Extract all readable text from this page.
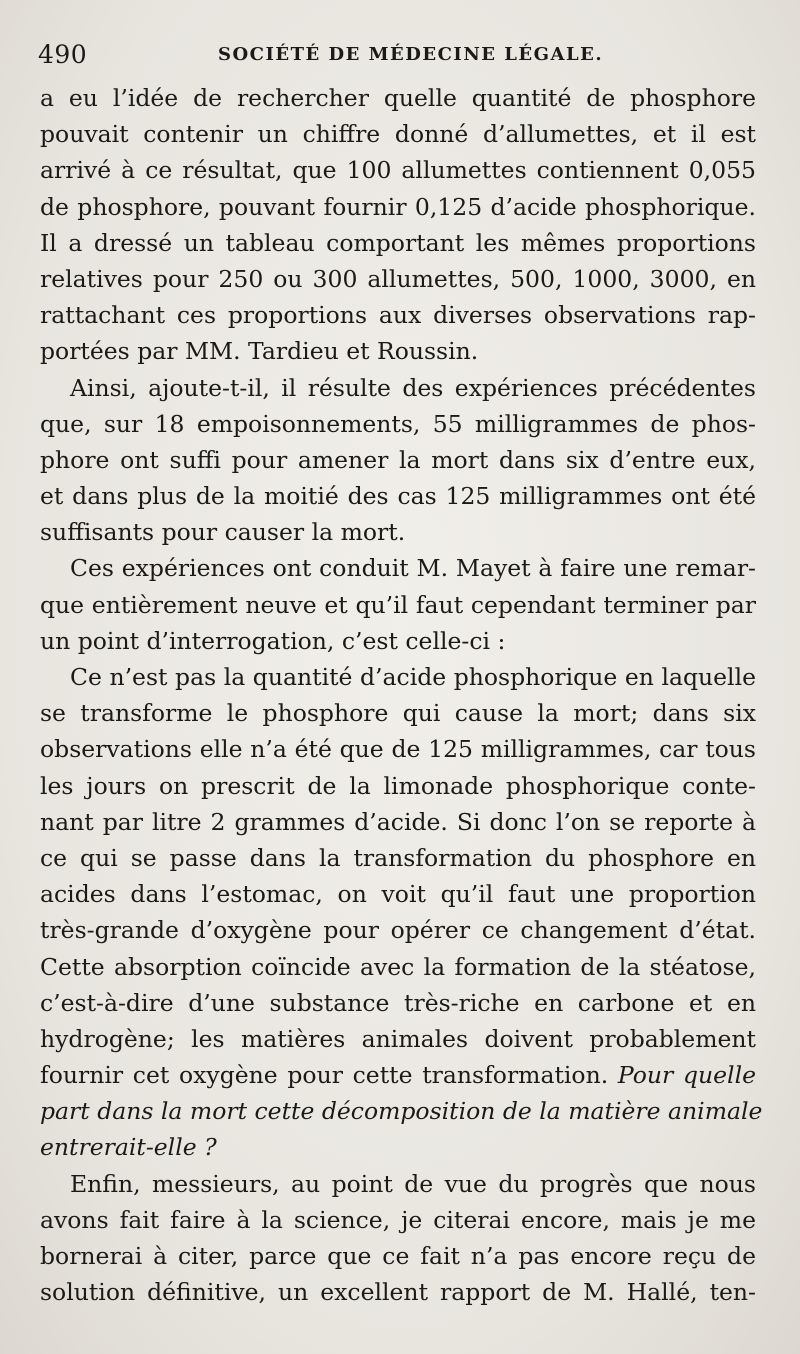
490	SOCIÉTÉ DE MÉDECINE LÉGALE.
a eu l’idée de rechercher quelle quantité de phosphore
pouvait contenir un chiffre donné d’allumettes, et il est
arrivé à ce résultat, que 100 allumettes contiennent 0,055
de phosphore, pouvant fournir 0,125 d’acide phosphorique.
Il a dressé un tableau comportant les mêmes proportions
relatives pour 250 ou 300 allumettes, 500, 1000, 3000, en
rattachant ces proportions aux diverses observations rap-
portées par MM. Tardieu et Roussin.
Ainsi, ajoute-t-il, il résulte des expériences précédentes
que, sur 18 empoisonnements, 55 milligrammes de phos-
phore ont suffi pour amener la mort dans six d’entre eux,
et dans plus de la moitié des cas 125 milligrammes ont été
suffisants pour causer la mort.
Ces expériences ont conduit M. Mayet à faire une remar-
que entièrement neuve et qu’il faut cependant terminer par
un point d’interrogation, c’est celle-ci :
Ce n’est pas la quantité d’acide phosphorique en laquelle
se transforme le phosphore qui cause la mort; dans six
observations elle n’a été que de 125 milligrammes, car tous
les jours on prescrit de la limonade phosphorique conte-
nant par litre 2 grammes d’acide. Si donc l’on se reporte à
ce qui se passe dans la transformation du phosphore en
acides dans l’estomac, on voit qu’il faut une proportion
très-grande d’oxygène pour opérer ce changement d’état.
Cette absorption coïncide avec la formation de la stéatose,
c’est-à-dire d’une substance très-riche en carbone et en
hydrogène; les matières animales doivent probablement
fournir cet oxygène pour cette transformation. Pour quelle
part dans la mort cette décomposition de la matière animale
entrerait-elle ?
Enfin, messieurs, au point de vue du progrès que nous
avons fait faire à la science, je citerai encore, mais je me
bornerai à citer, parce que ce fait n’a pas encore reçu de
solution définitive, un excellent rapport de M. Hallé, ten-
